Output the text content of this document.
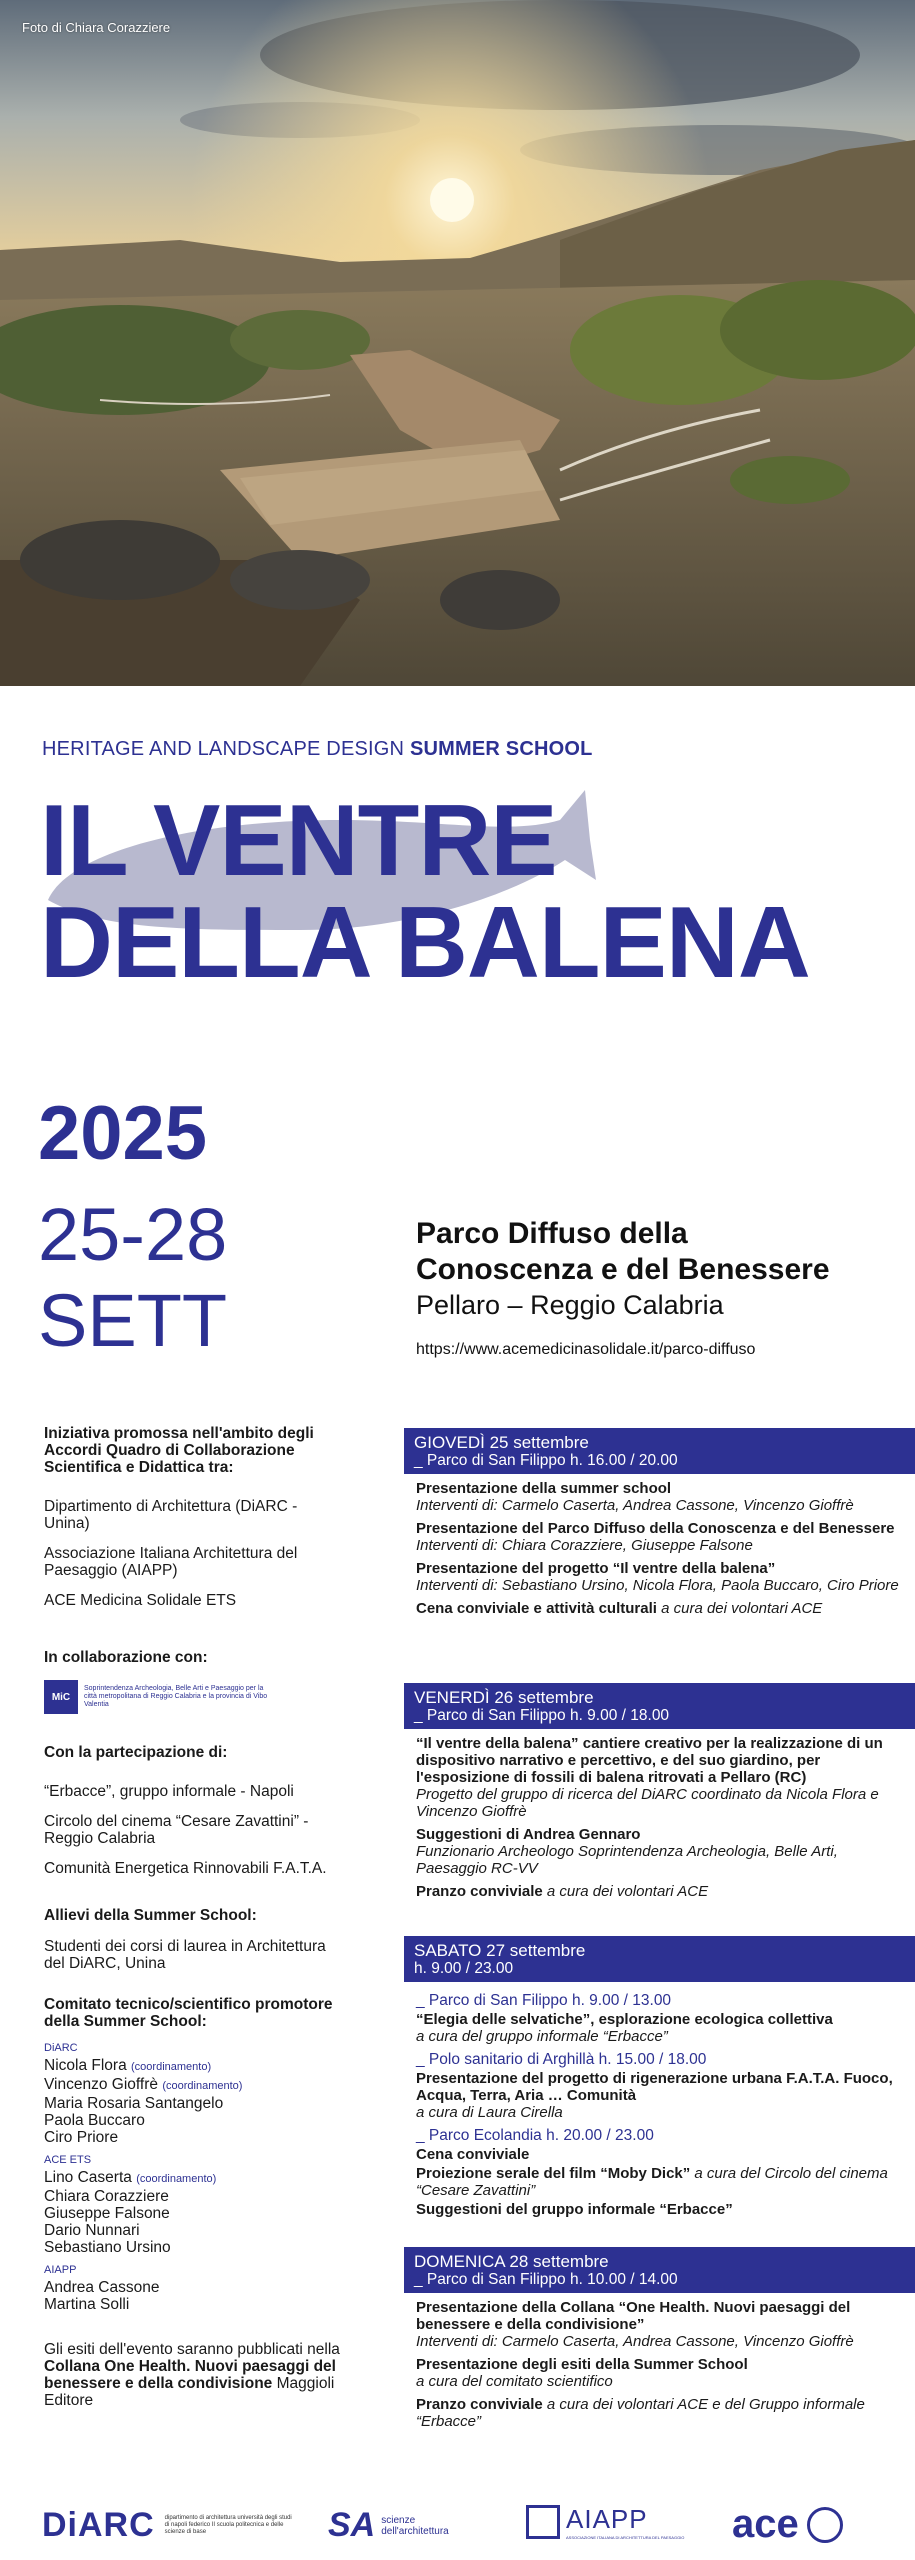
Foto di Chiara Corazziere
HERITAGE AND LANDSCAPE DESIGN SUMMER SCHOOL
IL VENTRE
DELLA BALENA
2025
25-28
SETT
Parco Diffuso della
Conoscenza e del Benessere
Pellaro – Reggio Calabria
https://www.acemedicinasolidale.it/parco-diffuso
Iniziativa promossa nell'ambito degli Accordi Quadro di Collaborazione Scientifica e Didattica tra:
Dipartimento di Architettura (DiARC - Unina)
Associazione Italiana Architettura del Paesaggio (AIAPP)
ACE Medicina Solidale ETS
In collaborazione con:
MiC
Soprintendenza Archeologia, Belle Arti e Paesaggio per la città metropolitana di Reggio Calabria e la provincia di Vibo Valentia
Con la partecipazione di:
“Erbacce”, gruppo informale - Napoli
Circolo del cinema “Cesare Zavattini” - Reggio Calabria
Comunità Energetica Rinnovabili F.A.T.A.
Allievi della Summer School:
Studenti dei corsi di laurea in Architettura del DiARC, Unina
Comitato tecnico/scientifico promotore della Summer School:
DiARC
Nicola Flora (coordinamento)
Vincenzo Gioffrè (coordinamento)
Maria Rosaria Santangelo
Paola Buccaro
Ciro Priore
ACE ETS
Lino Caserta (coordinamento)
Chiara Corazziere
Giuseppe Falsone
Dario Nunnari
Sebastiano Ursino
AIAPP
Andrea Cassone
Martina Solli
Gli esiti dell'evento saranno pubblicati nella Collana One Health. Nuovi paesaggi del benessere e della condivisione Maggioli Editore
GIOVEDÌ 25 settembre
_ Parco di San Filippo h. 16.00 / 20.00
Presentazione della summer school
Interventi di: Carmelo Caserta, Andrea Cassone, Vincenzo Gioffrè
Presentazione del Parco Diffuso della Conoscenza e del Benessere
Interventi di: Chiara Corazziere, Giuseppe Falsone
Presentazione del progetto “Il ventre della balena”
Interventi di: Sebastiano Ursino, Nicola Flora, Paola Buccaro, Ciro Priore
Cena conviviale e attività culturali a cura dei volontari ACE
VENERDÌ 26 settembre
_ Parco di San Filippo h. 9.00 / 18.00
“Il ventre della balena” cantiere creativo per la realizzazione di un dispositivo narrativo e percettivo, e del suo giardino, per l'esposizione di fossili di balena ritrovati a Pellaro (RC)
Progetto del gruppo di ricerca del DiARC coordinato da Nicola Flora e Vincenzo Gioffrè
Suggestioni di Andrea Gennaro
Funzionario Archeologo Soprintendenza Archeologia, Belle Arti, Paesaggio RC-VV
Pranzo conviviale a cura dei volontari ACE
SABATO 27 settembre
h. 9.00 / 23.00
_ Parco di San Filippo h. 9.00 / 13.00
“Elegia delle selvatiche”, esplorazione ecologica collettiva
a cura del gruppo informale “Erbacce”
_ Polo sanitario di Arghillà h. 15.00 / 18.00
Presentazione del progetto di rigenerazione urbana F.A.T.A. Fuoco, Acqua, Terra, Aria … Comunità
a cura di Laura Cirella
_ Parco Ecolandia h. 20.00 / 23.00
Cena conviviale
Proiezione serale del film “Moby Dick” a cura del Circolo del cinema “Cesare Zavattini”
Suggestioni del gruppo informale “Erbacce”
DOMENICA 28 settembre
_ Parco di San Filippo h. 10.00 / 14.00
Presentazione della Collana “One Health. Nuovi paesaggi del benessere e della condivisione”
Interventi di: Carmelo Caserta, Andrea Cassone, Vincenzo Gioffrè
Presentazione degli esiti della Summer School
a cura del comitato scientifico
Pranzo conviviale a cura dei volontari ACE e del Gruppo informale “Erbacce”
DiARC dipartimento di architettura università degli studi di napoli federico II scuola politecnica e delle scienze di base	SA scienze dell'architettura	AIAPP
ASSOCIAZIONE ITALIANA DI ARCHITETTURA DEL PAESAGGIO ace
